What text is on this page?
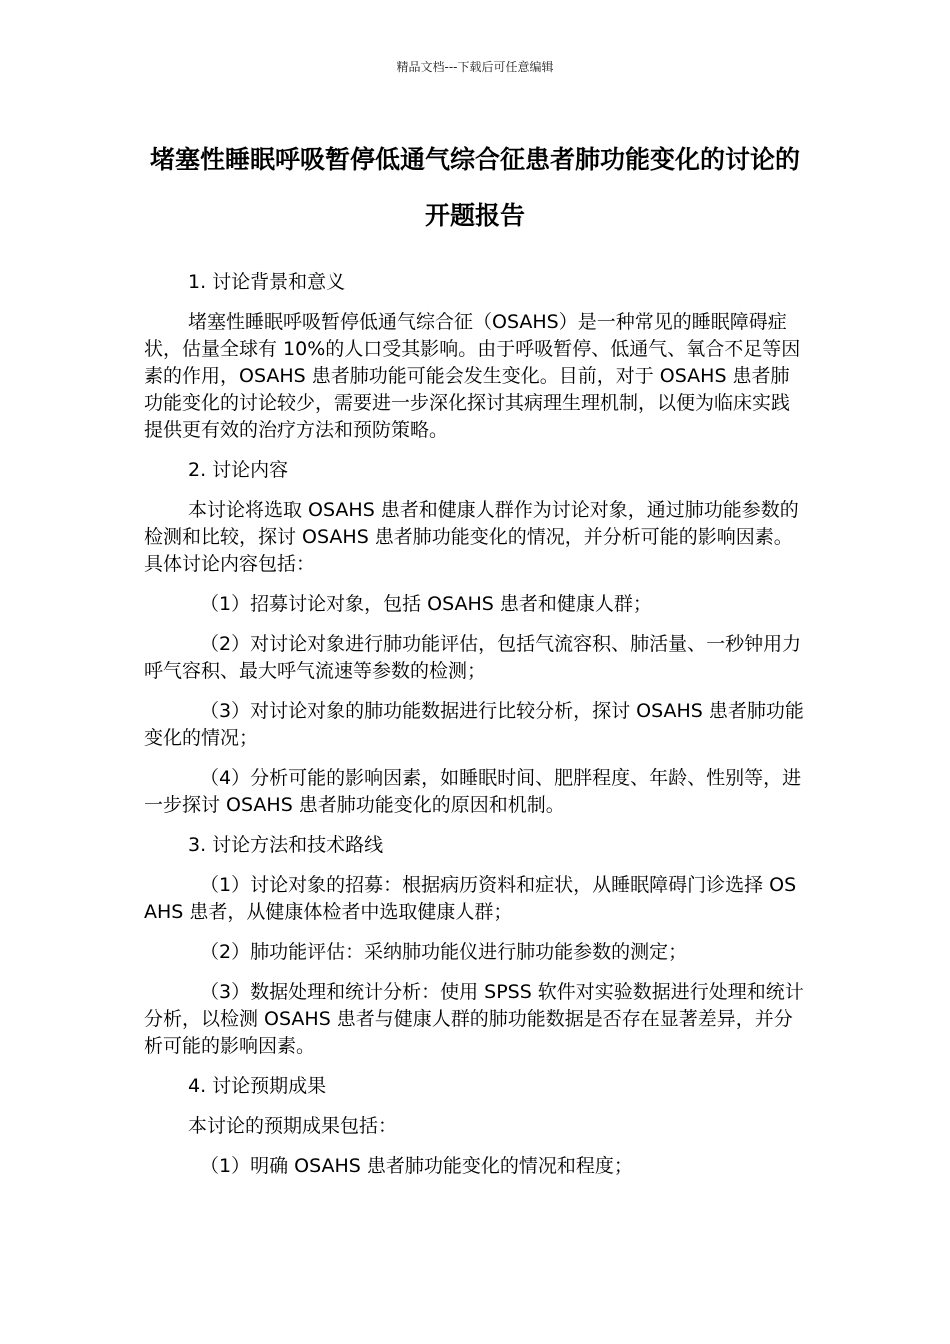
精品文档---下载后可任意编辑
堵塞性睡眠呼吸暂停低通气综合征患者肺功能变化的讨论的开题报告

1. 讨论背景和意义

堵塞性睡眠呼吸暂停低通气综合征（OSAHS）是一种常见的睡眠障碍症状，估量全球有 10%的人口受其影响。由于呼吸暂停、低通气、氧合不足等因素的作用，OSAHS 患者肺功能可能会发生变化。目前，对于 OSAHS 患者肺功能变化的讨论较少，需要进一步深化探讨其病理生理机制，以便为临床实践提供更有效的治疗方法和预防策略。

2. 讨论内容

本讨论将选取 OSAHS 患者和健康人群作为讨论对象，通过肺功能参数的检测和比较，探讨 OSAHS 患者肺功能变化的情况，并分析可能的影响因素。具体讨论内容包括：

（1）招募讨论对象，包括 OSAHS 患者和健康人群；

（2）对讨论对象进行肺功能评估，包括气流容积、肺活量、一秒钟用力呼气容积、最大呼气流速等参数的检测；

（3）对讨论对象的肺功能数据进行比较分析，探讨 OSAHS 患者肺功能变化的情况；

（4）分析可能的影响因素，如睡眠时间、肥胖程度、年龄、性别等，进一步探讨 OSAHS 患者肺功能变化的原因和机制。

3. 讨论方法和技术路线

（1）讨论对象的招募：根据病历资料和症状，从睡眠障碍门诊选择 OSAHS 患者，从健康体检者中选取健康人群；

（2）肺功能评估：采纳肺功能仪进行肺功能参数的测定；

（3）数据处理和统计分析：使用 SPSS 软件对实验数据进行处理和统计分析，以检测 OSAHS 患者与健康人群的肺功能数据是否存在显著差异，并分析可能的影响因素。

4. 讨论预期成果

本讨论的预期成果包括：

（1）明确 OSAHS 患者肺功能变化的情况和程度；
